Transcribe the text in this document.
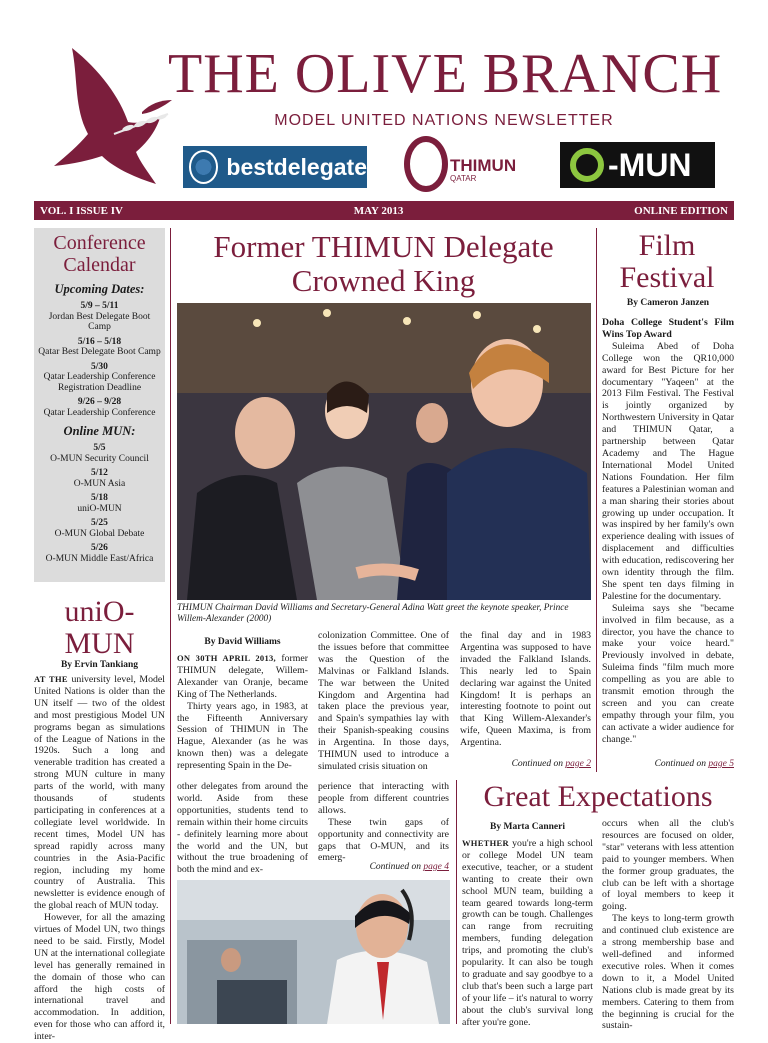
THE OLIVE BRANCH
MODEL UNITED NATIONS NEWSLETTER
bestdelegate	THIMUN
QATAR	-MUN
VOL. I ISSUE IV	MAY 2013	ONLINE EDITION
Conference Calendar
Upcoming Dates:
5/9 – 5/11
Jordan Best Delegate Boot Camp
5/16 – 5/18
Qatar Best Delegate Boot Camp
5/30
Qatar Leadership Conference Registration Deadline
9/26 – 9/28
Qatar Leadership Conference
Online MUN:
5/5
O-MUN Security Council
5/12
O-MUN Asia
5/18
uniO-MUN
5/25
O-MUN Global Debate
5/26
O-MUN Middle East/Africa
uniO-MUN
By Ervin Tankiang

AT THE university level, Model United Nations is older than the UN itself — two of the oldest and most prestigious Model UN programs began as simulations of the League of Nations in the 1920s. Such a long and venerable tradition has created a strong MUN culture in many parts of the world, with many thousands of students participating in conferences at a collegiate level worldwide. In recent times, Model UN has spread rapidly across many countries in the Asia-Pacific region, including my home country of Australia. This newsletter is evidence enough of the global reach of MUN today.

However, for all the amazing virtues of Model UN, two things need to be said. Firstly, Model UN at the international collegiate level has generally remained in the domain of those who can afford the high costs of international travel and accommodation. In addition, even for those who can afford it, inter-

Former THIMUN Delegate Crowned King
THIMUN Chairman David Williams and Secretary-General Adina Watt greet the keynote speaker, Prince Willem-Alexander (2000)
By David Williams

ON 30TH APRIL 2013, former THIMUN delegate, Willem-Alexander van Oranje, became King of The Netherlands.

Thirty years ago, in 1983, at the Fifteenth Anniversary Session of THIMUN in The Hague, Alexander (as he was known then) was a delegate representing Spain in the De-

colonization Committee. One of the issues before that committee was the Question of the Malvinas or Falkland Islands. The war between the United Kingdom and Argentina had taken place the previous year, and Spain's sympathies lay with their Spanish-speaking cousins in Argentina. In those days, THIMUN used to introduce a simulated crisis situation on

the final day and in 1983 Argentina was supposed to have invaded the Falkland Islands. This nearly led to Spain declaring war against the United Kingdom! It is perhaps an interesting footnote to point out that King Willem-Alexander's wife, Queen Maxima, is from Argentina.

Continued on page 2

other delegates from around the world. Aside from these opportunities, students tend to remain within their home circuits - definitely learning more about the world and the UN, but without the true broadening of both the mind and ex-

perience that interacting with people from different countries allows.

These twin gaps of opportunity and connectivity are gaps that O-MUN, and its emerg-

Continued on page 4
Film Festival
By Cameron Janzen

Doha College Student's Film Wins Top Award

Suleima Abed of Doha College won the QR10,000 award for Best Picture for her documentary "Yaqeen" at the 2013 Film Festival. The Festival is jointly organized by Northwestern University in Qatar and THIMUN Qatar, a partnership between Qatar Academy and The Hague International Model United Nations Foundation. Her film features a Palestinian woman and a man sharing their stories about growing up under occupation. It was inspired by her family's own experience dealing with issues of displacement and difficulties with education, rediscovering her own identity through the film. She spent ten days filming in Palestine for the documentary.

Suleima says she "became involved in film because, as a director, you have the chance to make your voice heard." Previously involved in debate, Suleima finds "film much more compelling as you are able to transmit emotion through the screen and you can create empathy through your film, you can activate a wider audience for change."

Continued on page 5
Great Expectations
By Marta Canneri

WHETHER you're a high school or college Model UN team executive, teacher, or a student wanting to create their own school MUN team, building a team geared towards long-term growth can be tough. Challenges can range from recruiting members, funding delegation trips, and promoting the club's popularity. It can also be tough to graduate and say goodbye to a club that's been such a large part of your life – it's natural to worry about the club's survival long after you're gone.

occurs when all the club's resources are focused on older, "star" veterans with less attention paid to younger members. When the former group graduates, the club can be left with a shortage of loyal members to keep it going.

The keys to long-term growth and continued club existence are a strong membership base and well-defined and informed executive roles. When it comes down to it, a Model United Nations club is made great by its members. Catering to them from the beginning is crucial for the sustain-
